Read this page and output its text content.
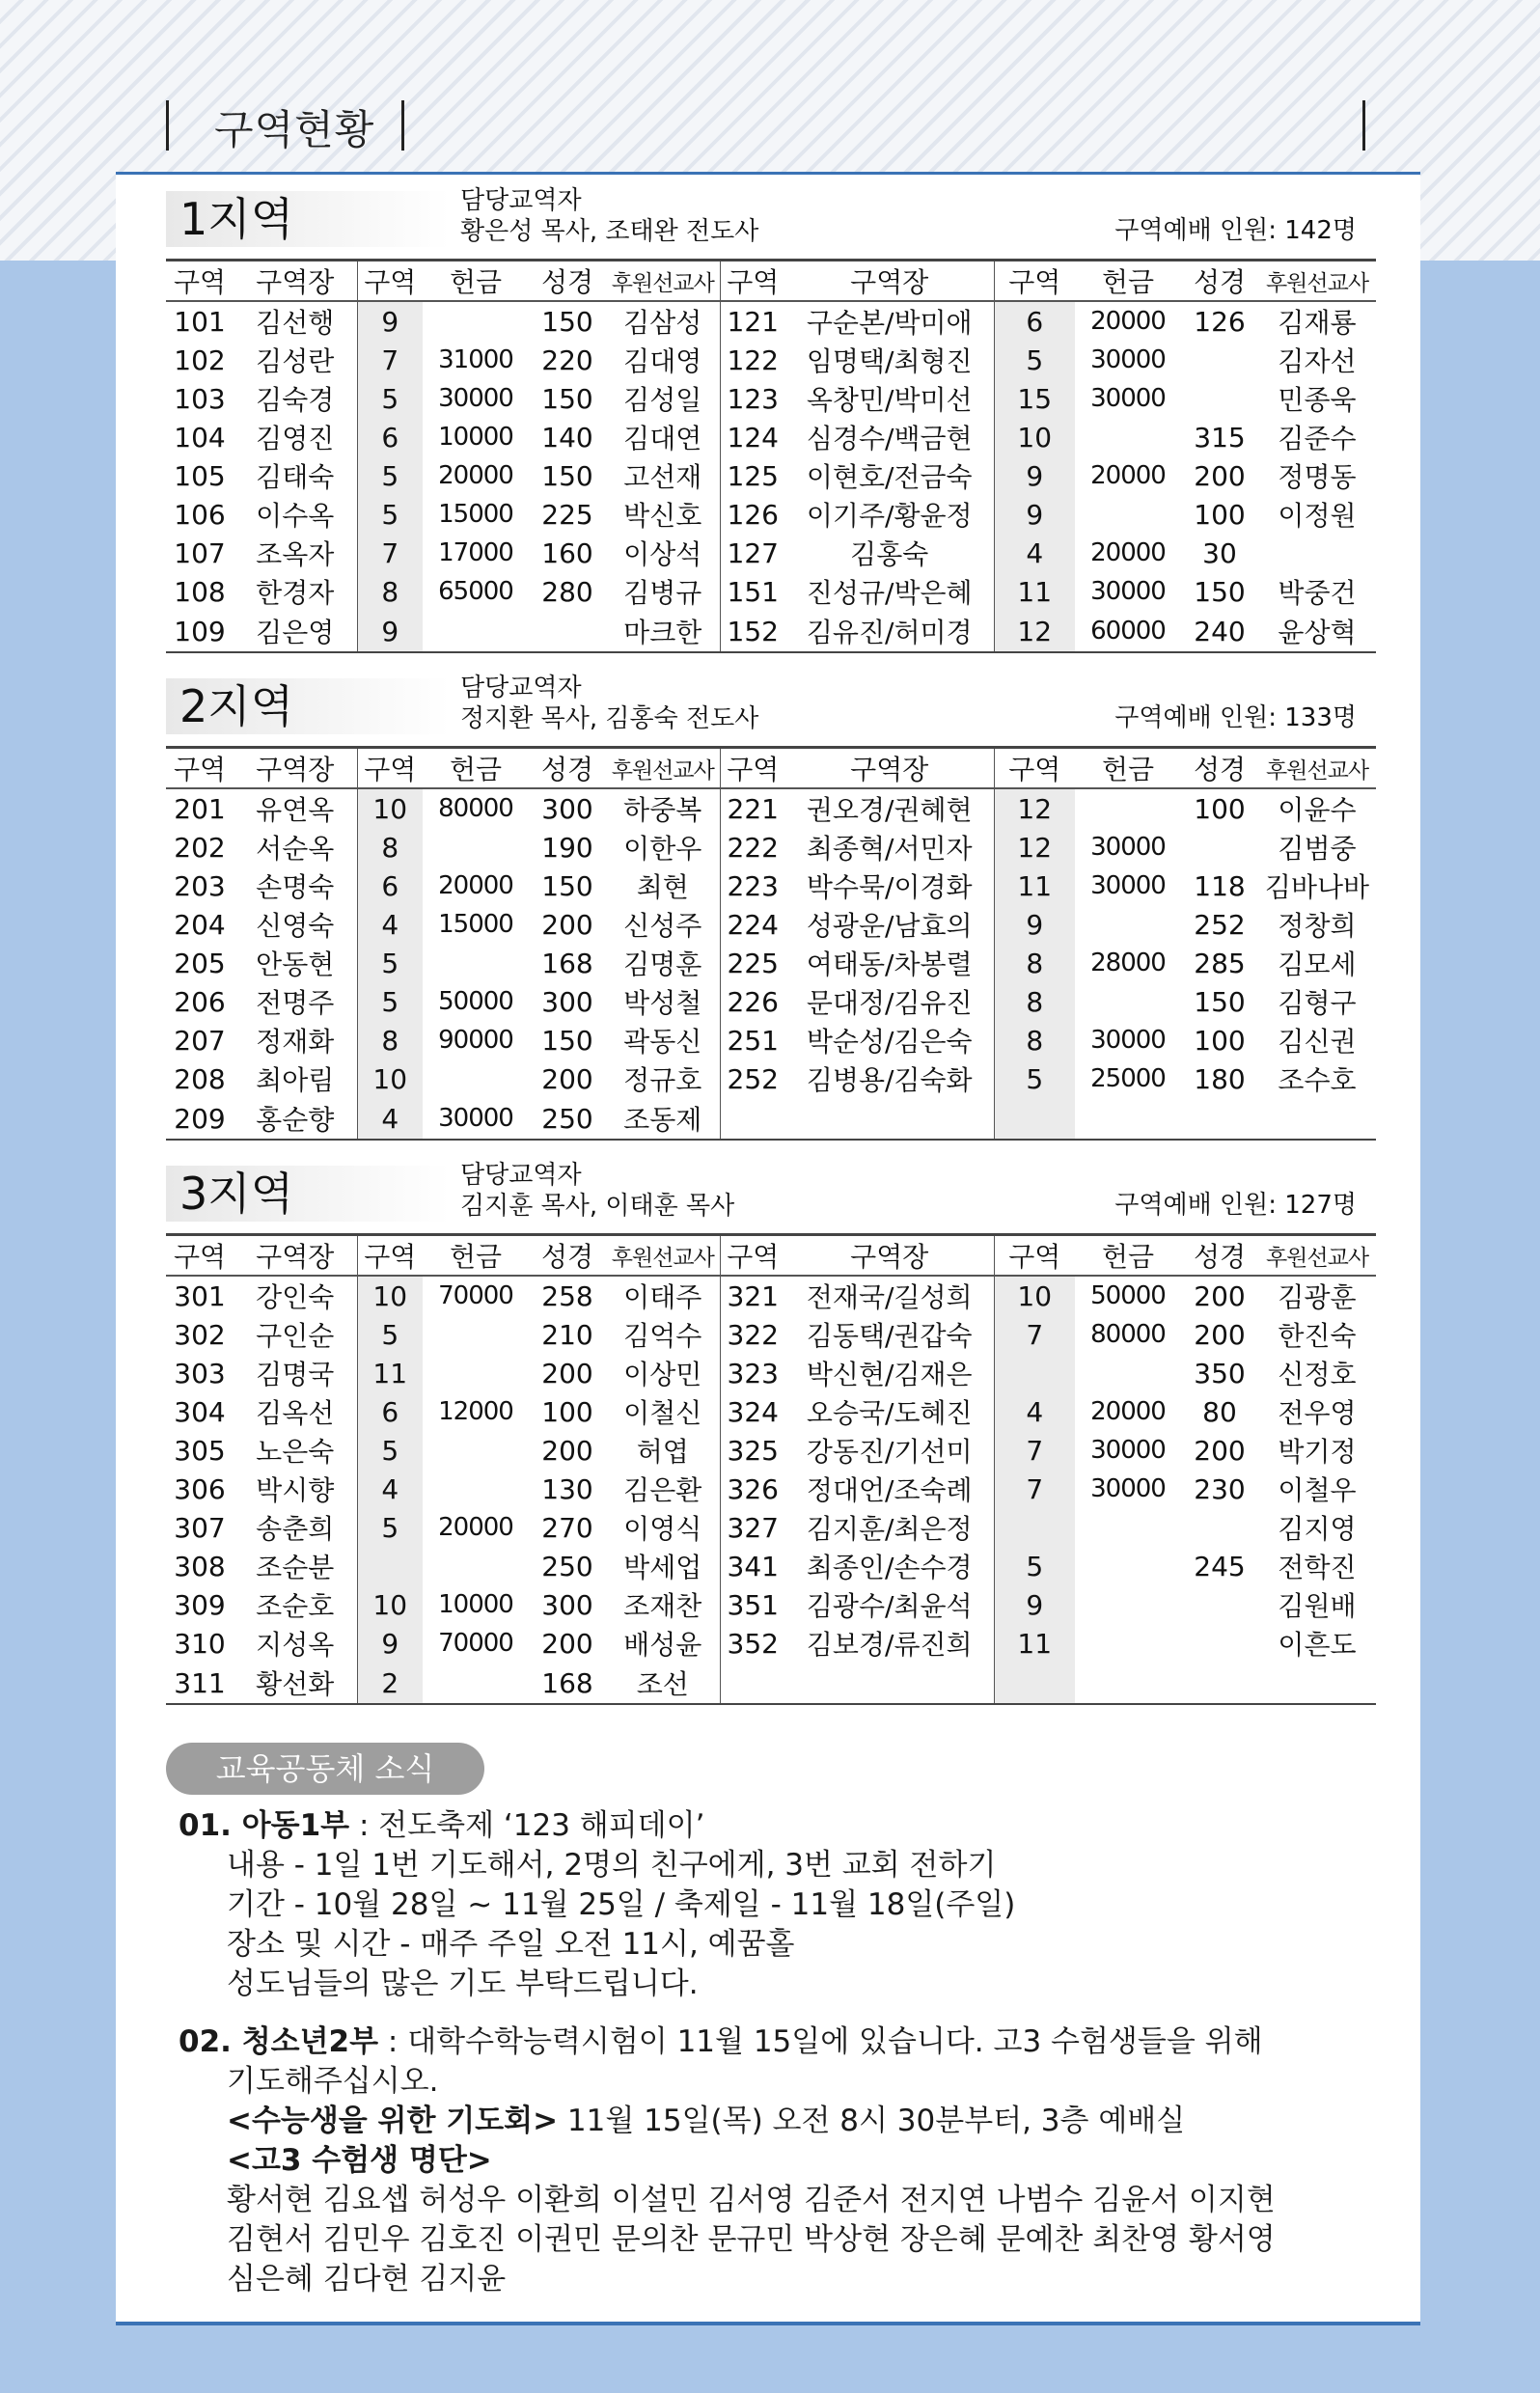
구역현황
1지역	담당교역자
황은성 목사, 조태완 전도사	구역예배 인원: 142명
구역	구역장	구역	헌금	성경	후원선교사	구역	구역장	구역	헌금	성경	후원선교사
101	김선행	9		150	김삼성	121	구순본/박미애	6	20000	126	김재룡
102	김성란	7	31000	220	김대영	122	임명택/최형진	5	30000		김자선
103	김숙경	5	30000	150	김성일	123	옥창민/박미선	15	30000		민종욱
104	김영진	6	10000	140	김대연	124	심경수/백금현	10		315	김준수
105	김태숙	5	20000	150	고선재	125	이현호/전금숙	9	20000	200	정명동
106	이수옥	5	15000	225	박신호	126	이기주/황윤정	9		100	이정원
107	조옥자	7	17000	160	이상석	127	김홍숙	4	20000	30	
108	한경자	8	65000	280	김병규	151	진성규/박은혜	11	30000	150	박중건
109	김은영	9			마크한	152	김유진/허미경	12	60000	240	윤상혁
2지역	담당교역자
정지환 목사, 김홍숙 전도사	구역예배 인원: 133명
구역	구역장	구역	헌금	성경	후원선교사	구역	구역장	구역	헌금	성경	후원선교사
201	유연옥	10	80000	300	하중복	221	권오경/권혜현	12		100	이윤수
202	서순옥	8		190	이한우	222	최종혁/서민자	12	30000		김범중
203	손명숙	6	20000	150	최현	223	박수묵/이경화	11	30000	118	김바나바
204	신영숙	4	15000	200	신성주	224	성광운/남효의	9		252	정창희
205	안동현	5		168	김명훈	225	여태동/차봉렬	8	28000	285	김모세
206	전명주	5	50000	300	박성철	226	문대정/김유진	8		150	김형구
207	정재화	8	90000	150	곽동신	251	박순성/김은숙	8	30000	100	김신권
208	최아림	10		200	정규호	252	김병용/김숙화	5	25000	180	조수호
209	홍순향	4	30000	250	조동제						
3지역	담당교역자
김지훈 목사, 이태훈 목사	구역예배 인원: 127명
구역	구역장	구역	헌금	성경	후원선교사	구역	구역장	구역	헌금	성경	후원선교사
301	강인숙	10	70000	258	이태주	321	전재국/길성희	10	50000	200	김광훈
302	구인순	5		210	김억수	322	김동택/권갑숙	7	80000	200	한진숙
303	김명국	11		200	이상민	323	박신현/김재은			350	신정호
304	김옥선	6	12000	100	이철신	324	오승국/도혜진	4	20000	80	전우영
305	노은숙	5		200	허엽	325	강동진/기선미	7	30000	200	박기정
306	박시향	4		130	김은환	326	정대언/조숙례	7	30000	230	이철우
307	송춘희	5	20000	270	이영식	327	김지훈/최은정				김지영
308	조순분			250	박세업	341	최종인/손수경	5		245	전학진
309	조순호	10	10000	300	조재찬	351	김광수/최윤석	9			김원배
310	지성옥	9	70000	200	배성윤	352	김보경/류진희	11			이흔도
311	황선화	2		168	조선						
교육공동체 소식
01. 아동1부 : 전도축제 ‘123 해피데이’
내용 - 1일 1번 기도해서, 2명의 친구에게, 3번 교회 전하기
기간 - 10월 28일 ~ 11월 25일 / 축제일 - 11월 18일(주일)
장소 및 시간 - 매주 주일 오전 11시, 예꿈홀
성도님들의 많은 기도 부탁드립니다.
02. 청소년2부 : 대학수학능력시험이 11월 15일에 있습니다. 고3 수험생들을 위해
기도해주십시오.
<수능생을 위한 기도회> 11월 15일(목) 오전 8시 30분부터, 3층 예배실
<고3 수험생 명단>
황서현 김요셉 허성우 이환희 이설민 김서영 김준서 전지연 나범수 김윤서 이지현
김현서 김민우 김호진 이권민 문의찬 문규민 박상현 장은혜 문예찬 최찬영 황서영
심은혜 김다현 김지윤
